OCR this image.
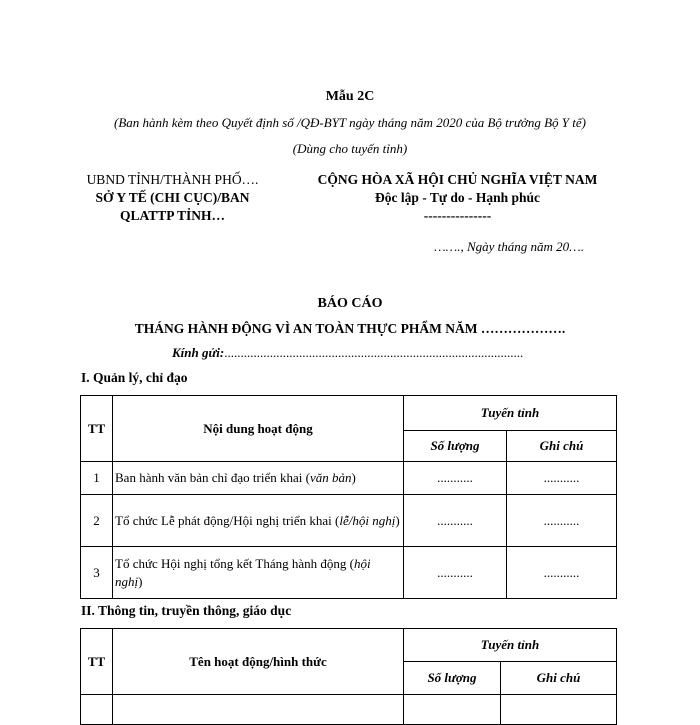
Mẫu 2C
(Ban hành kèm theo Quyết định số /QĐ-BYT ngày tháng năm 2020 của Bộ trưởng Bộ Y tế)
(Dùng cho tuyến tỉnh)
UBND TỈNH/THÀNH PHỐ….
SỞ Y TẾ (CHI CỤC)/BAN
QLATTP TỈNH…
CỘNG HÒA XÃ HỘI CHỦ NGHĨA VIỆT NAM
Độc lập - Tự do - Hạnh phúc
---------------
……., Ngày tháng năm 20….
BÁO CÁO
THÁNG HÀNH ĐỘNG VÌ AN TOÀN THỰC PHẨM NĂM ……………….
Kính gửi:............................................................................................
I. Quản lý, chỉ đạo
TT	Nội dung hoạt động	Tuyến tỉnh	
		Số lượng	Ghi chú
1	Ban hành văn bản chỉ đạo triển khai (văn bản)	...........	...........
2	Tổ chức Lễ phát động/Hội nghị triển khai (lễ/hội nghị)	...........	...........
3	Tổ chức Hội nghị tổng kết Tháng hành động (hội nghị)	...........	...........
II. Thông tin, truyền thông, giáo dục
TT	Tên hoạt động/hình thức	Tuyến tỉnh	
		Số lượng	Ghi chú
